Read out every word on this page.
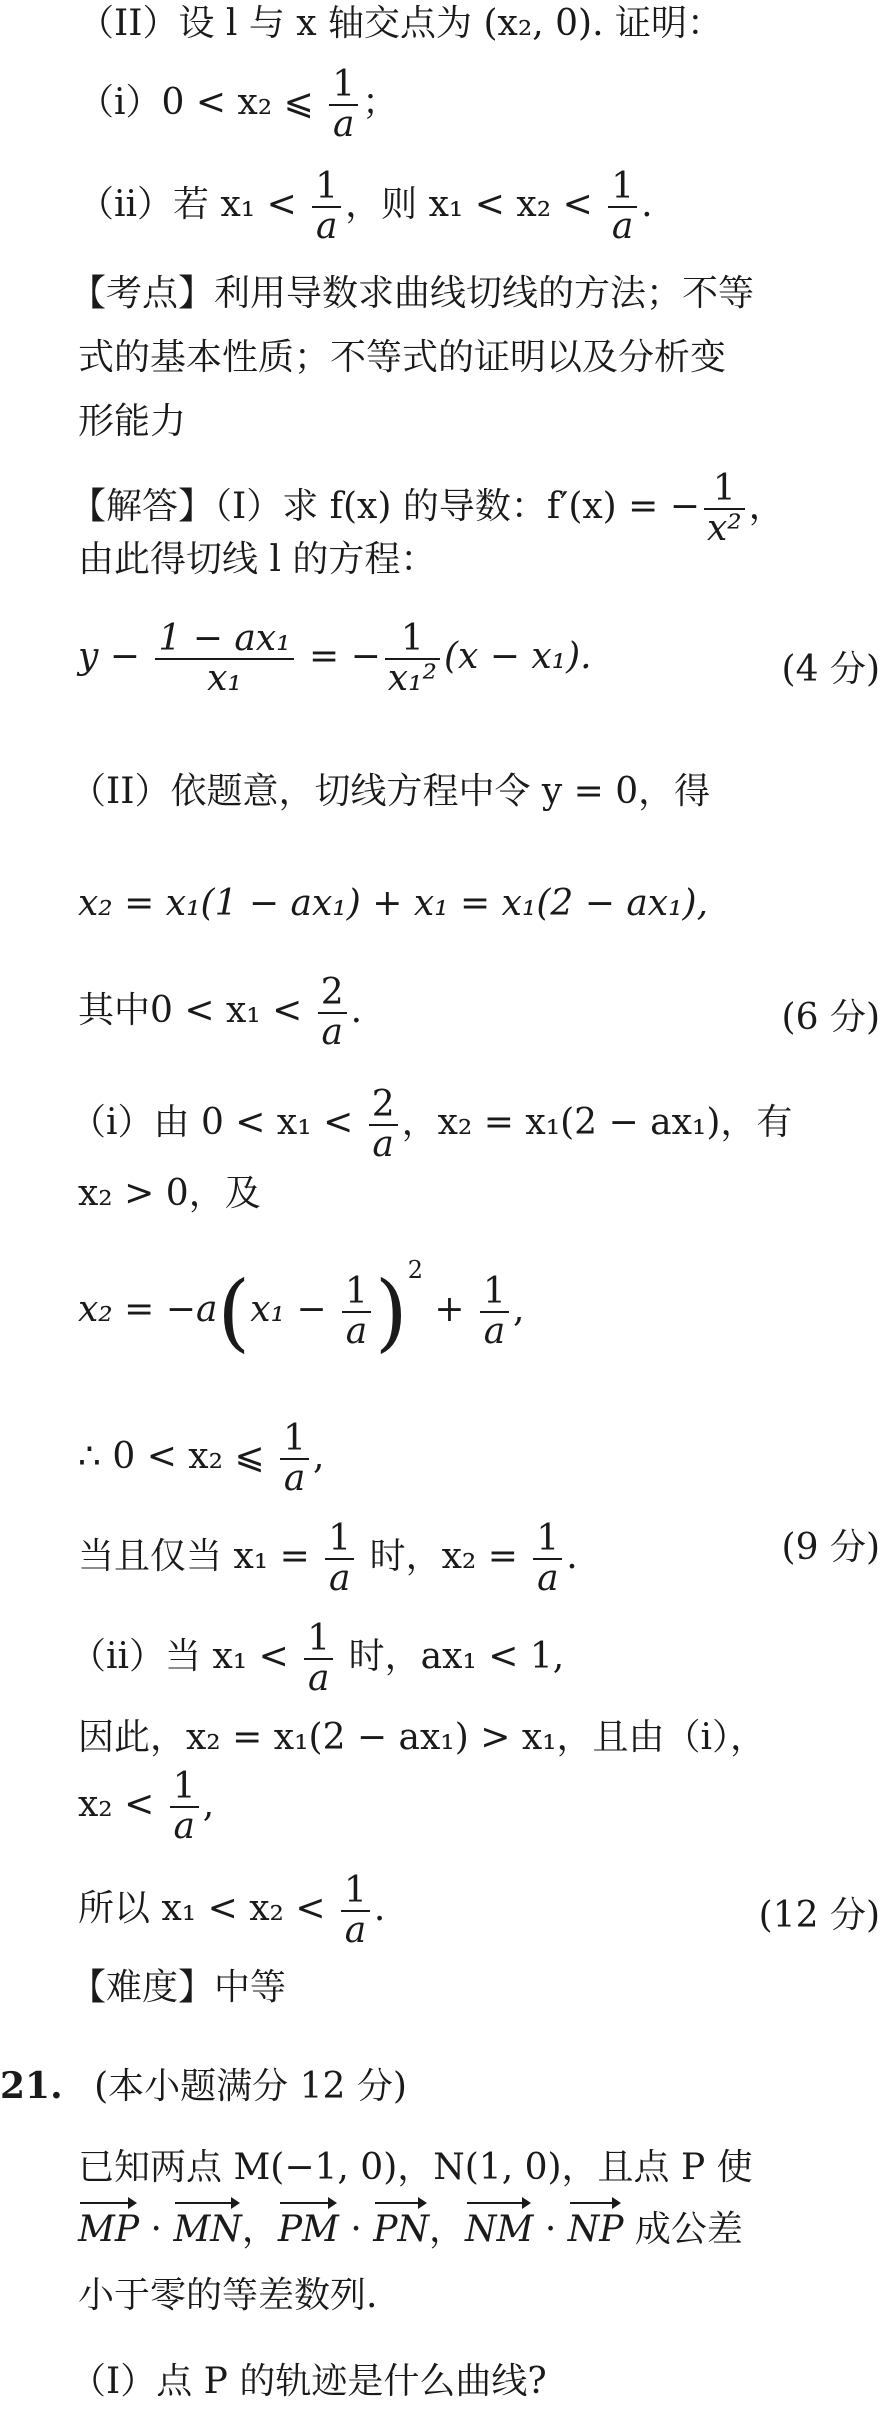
（II）设 l 与 x 轴交点为 (x₂, 0). 证明：
（i）0 < x₂ ⩽ $\frac{1}{a}$ ；
（ii）若 $x_1 < \frac{1}{a}$ ，则 $x_1 < x_2 < \frac{1}{a}$ .
【考点】利用导数求曲线切线的方法；不等
式的基本性质；不等式的证明以及分析变
形能力
【解答】（I）求 f(x) 的导数：f′(x) = − $\frac{1}{\text{x²}}$ ，
由此得切线 l 的方程：
$y - \frac{\text{1 − ax₁}}{\text{x₁}}$ = − $\frac{1}{\text{x₁²}} (x - x_1)$.	(4 分)
（II）依题意，切线方程中令 y = 0，得
x₂ = x₁(1 − ax₁) + x₁ = x₁(2 − ax₁),
其中$0 < x_1 < \frac{2}{a}$ .	(6 分)
（i）由 $0 < x_1 < \frac{2}{a}$ ，x₂ = x₁(2 − ax₁)，有
x₂ > 0，及
$x_2 = -a(x_1 - \frac{1}{a} )^2 + \frac{1}{a}$ ,
∴ 0 < x₂ ⩽ $\frac{1}{a}$ ,
当且仅当 $x_1 = \frac{1}{a}$ 时，$x_2 = \frac{1}{a}$ .	(9 分)
（ii）当 $x_1 < \frac{1}{a}$ 时，ax₁ < 1,
因此，x₂ = x₁(2 − ax₁) > x₁，且由（i），
$x_2 < \frac{1}{a}$ ,
所以 $x_1 < x_2 < \frac{1}{a}$ .	(12 分)
【难度】中等
21. (本小题满分 12 分)
已知两点 M(−1, 0)，N(1, 0)，且点 P 使
MP · MN，PM · PN，NM · NP 成公差
小于零的等差数列.
（I）点 P 的轨迹是什么曲线?
